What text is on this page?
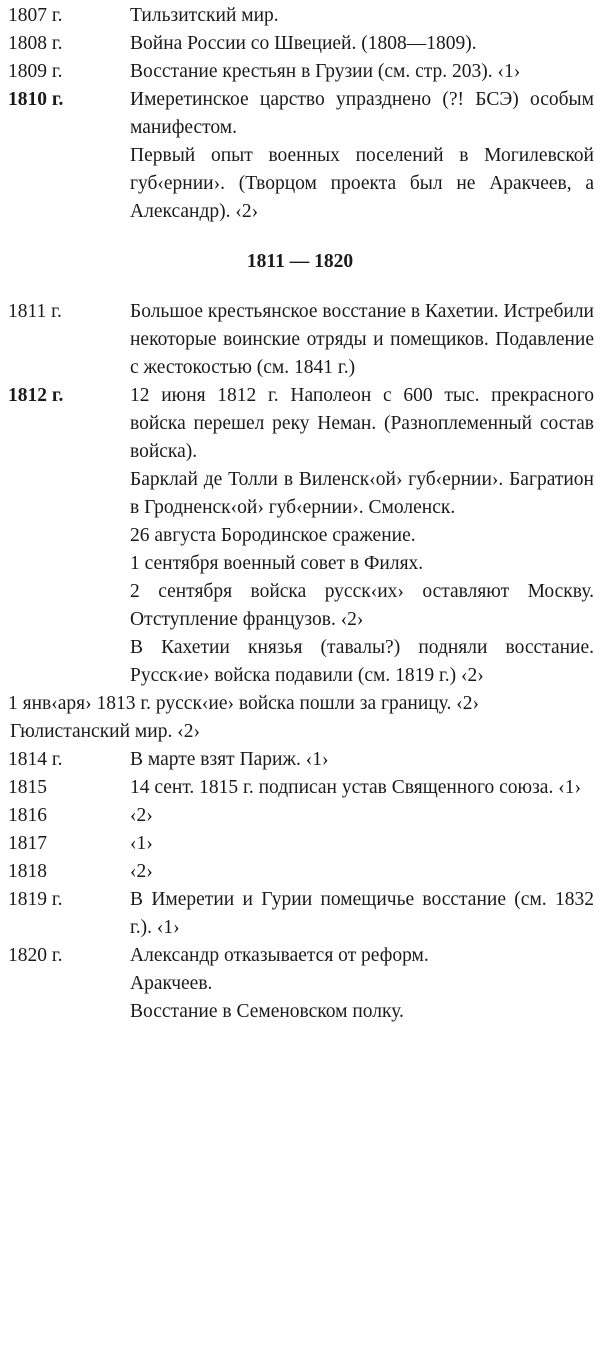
1807 г.	Тильзитский мир.
1808 г.	Война России со Швецией. (1808—1809).
1809 г.	Восстание крестьян в Грузии (см. стр. 203). ‹1›
1810 г.	Имеретинское царство упразднено (?! БСЭ) особым манифестом.
Первый опыт военных поселений в Могилевской губ‹ернии›. (Творцом проекта был не Аракчеев, а Александр). ‹2›
1811 — 1820
1811 г.	Большое крестьянское восстание в Кахетии. Истребили некоторые воинские отряды и помещиков. Подавление с жестокостью (см. 1841 г.)
1812 г.	12 июня 1812 г. Наполеон с 600 тыс. прекрасного войска перешел реку Неман. (Разноплеменный состав войска).
Барклай де Толли в Виленск‹ой› губ‹ернии›. Багратион в Гродненск‹ой› губ‹ернии›. Смоленск.
26 августа Бородинское сражение.
1 сентября военный совет в Филях.
2 сентября войска русск‹их› оставляют Москву. Отступление французов. ‹2›
В Кахетии князья (тавалы?) подняли восстание. Русск‹ие› войска подавили (см. 1819 г.) ‹2›
1 янв‹аря› 1813 г. русск‹ие› войска пошли за границу. ‹2›
Гюлистанский мир. ‹2›
1814 г.	В марте взят Париж. ‹1›
1815	14 сент. 1815 г. подписан устав Священного союза. ‹1›
1816	‹2›
1817	‹1›
1818	‹2›
1819 г.	В Имеретии и Гурии помещичье восстание (см. 1832 г.). ‹1›
1820 г.	Александр отказывается от реформ.
Аракчеев.
Восстание в Семеновском полку.
